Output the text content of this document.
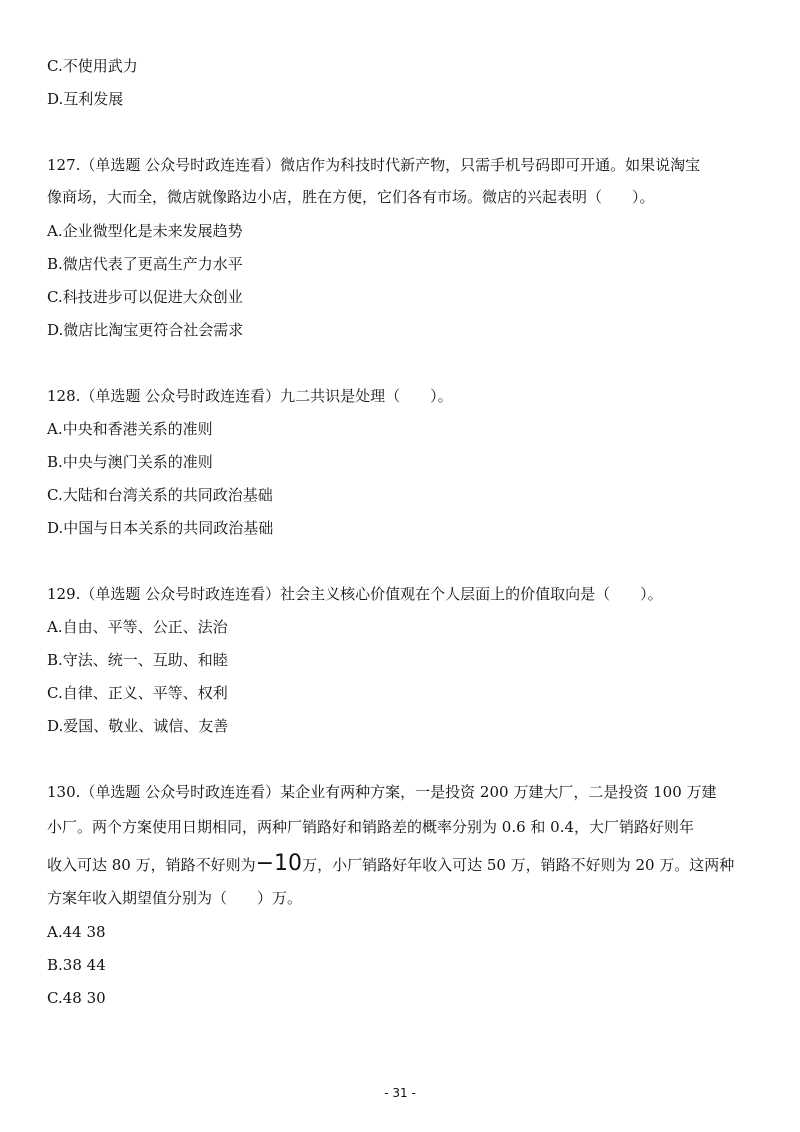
C.不使用武力
D.互利发展
127.（单选题 公众号时政连连看）微店作为科技时代新产物，只需手机号码即可开通。如果说淘宝
像商场，大而全，微店就像路边小店，胜在方便，它们各有市场。微店的兴起表明（　　）。
A.企业微型化是未来发展趋势
B.微店代表了更高生产力水平
C.科技进步可以促进大众创业
D.微店比淘宝更符合社会需求
128.（单选题 公众号时政连连看）九二共识是处理（　　）。
A.中央和香港关系的准则
B.中央与澳门关系的准则
C.大陆和台湾关系的共同政治基础
D.中国与日本关系的共同政治基础
129.（单选题 公众号时政连连看）社会主义核心价值观在个人层面上的价值取向是（　　）。
A.自由、平等、公正、法治
B.守法、统一、互助、和睦
C.自律、正义、平等、权利
D.爱国、敬业、诚信、友善
130.（单选题 公众号时政连连看）某企业有两种方案，一是投资 200 万建大厂，二是投资 100 万建
小厂。两个方案使用日期相同，两种厂销路好和销路差的概率分别为 0.6 和 0.4，大厂销路好则年
收入可达 80 万，销路不好则为−10万，小厂销路好年收入可达 50 万，销路不好则为 20 万。这两种
方案年收入期望值分别为（　　）万。
A.44 38
B.38 44
C.48 30
- 31 -
